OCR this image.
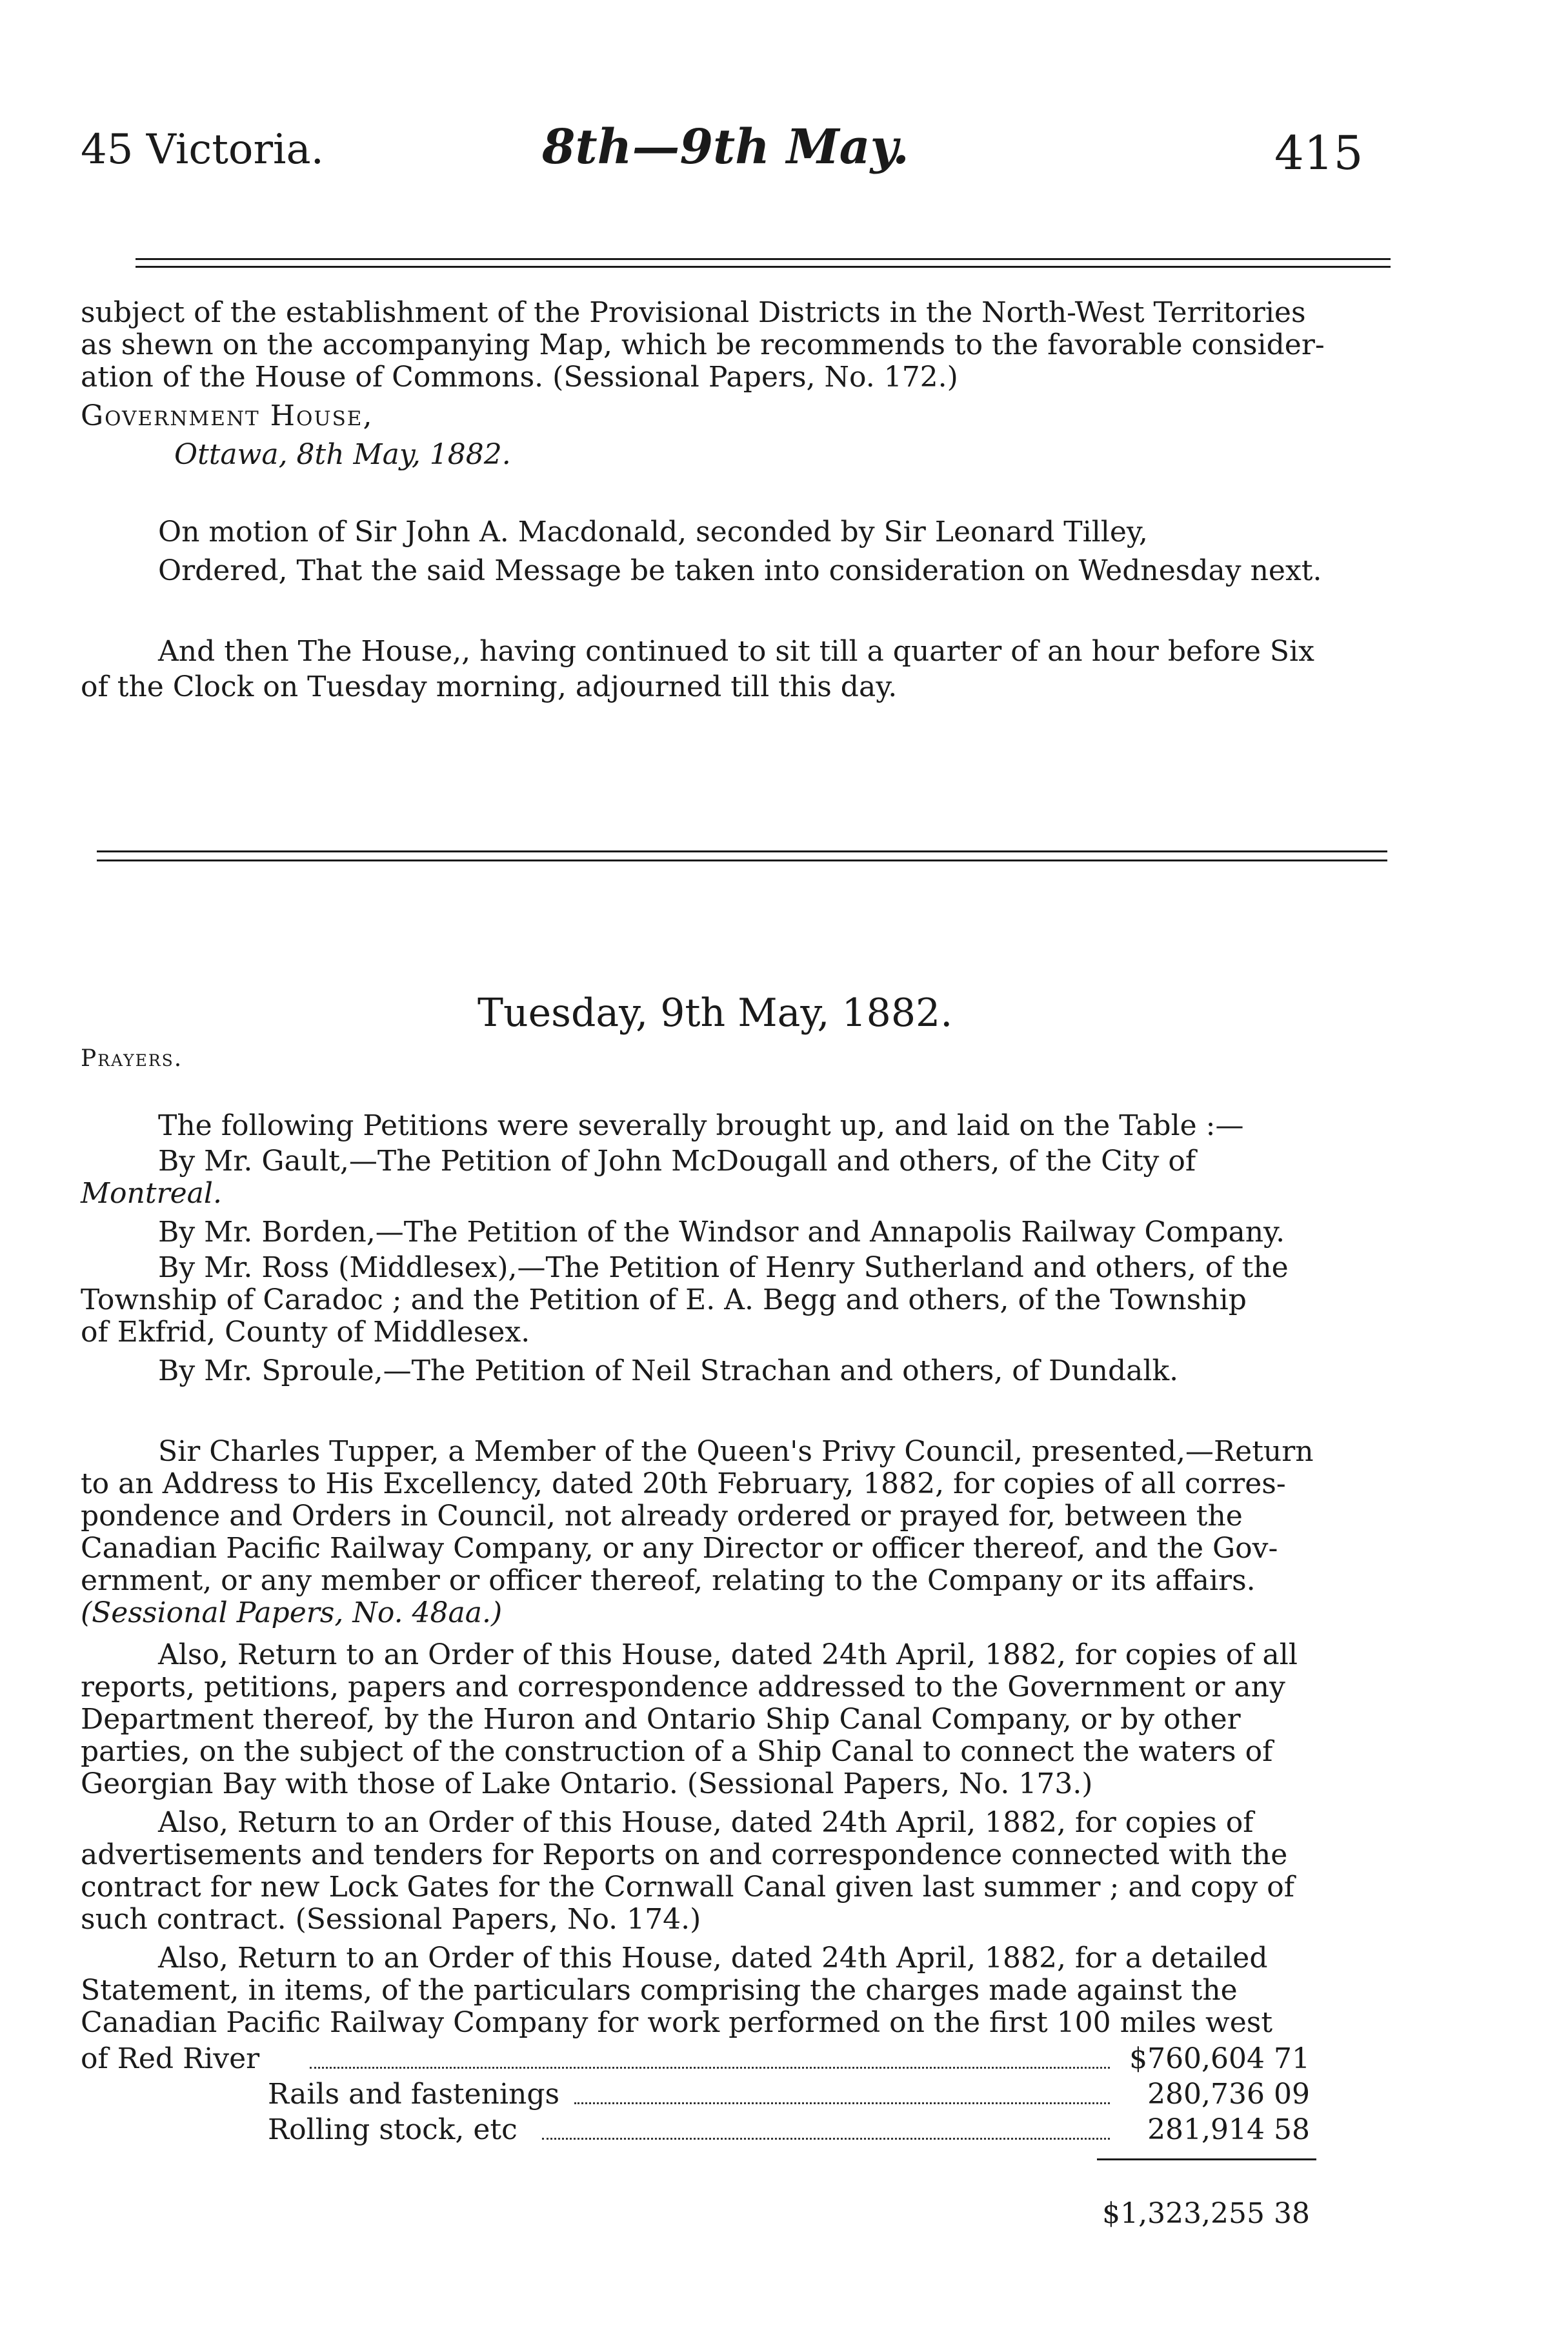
45 Victoria.	8th—9th May.	415
subject of the establishment of the Provisional Districts in the North-West Territories
as shewn on the accompanying Map, which be recommends to the favorable consider-
ation of the House of Commons. (Sessional Papers, No. 172.)
Government House,
Ottawa, 8th May, 1882.
On motion of Sir John A. Macdonald, seconded by Sir Leonard Tilley,
Ordered, That the said Message be taken into consideration on Wednesday next.
And then The House,, having continued to sit till a quarter of an hour before Six
of the Clock on Tuesday morning, adjourned till this day.
Tuesday, 9th May, 1882.
Prayers.
The following Petitions were severally brought up, and laid on the Table :—
By Mr. Gault,—The Petition of John McDougall and others, of the City of
Montreal.
By Mr. Borden,—The Petition of the Windsor and Annapolis Railway Company.
By Mr. Ross (Middlesex),—The Petition of Henry Sutherland and others, of the
Township of Caradoc ; and the Petition of E. A. Begg and others, of the Township
of Ekfrid, County of Middlesex.
By Mr. Sproule,—The Petition of Neil Strachan and others, of Dundalk.
Sir Charles Tupper, a Member of the Queen's Privy Council, presented,—Return
to an Address to His Excellency, dated 20th February, 1882, for copies of all corres-
pondence and Orders in Council, not already ordered or prayed for, between the
Canadian Pacific Railway Company, or any Director or officer thereof, and the Gov-
ernment, or any member or officer thereof, relating to the Company or its affairs.
(Sessional Papers, No. 48aa.)
Also, Return to an Order of this House, dated 24th April, 1882, for copies of all
reports, petitions, papers and correspondence addressed to the Government or any
Department thereof, by the Huron and Ontario Ship Canal Company, or by other
parties, on the subject of the construction of a Ship Canal to connect the waters of
Georgian Bay with those of Lake Ontario. (Sessional Papers, No. 173.)
Also, Return to an Order of this House, dated 24th April, 1882, for copies of
advertisements and tenders for Reports on and correspondence connected with the
contract for new Lock Gates for the Cornwall Canal given last summer ; and copy of
such contract. (Sessional Papers, No. 174.)
Also, Return to an Order of this House, dated 24th April, 1882, for a detailed
Statement, in items, of the particulars comprising the charges made against the
Canadian Pacific Railway Company for work performed on the first 100 miles west
of Red River	$760,604 71
Rails and fastenings	280,736 09
Rolling stock, etc	281,914 58
$1,323,255 38
